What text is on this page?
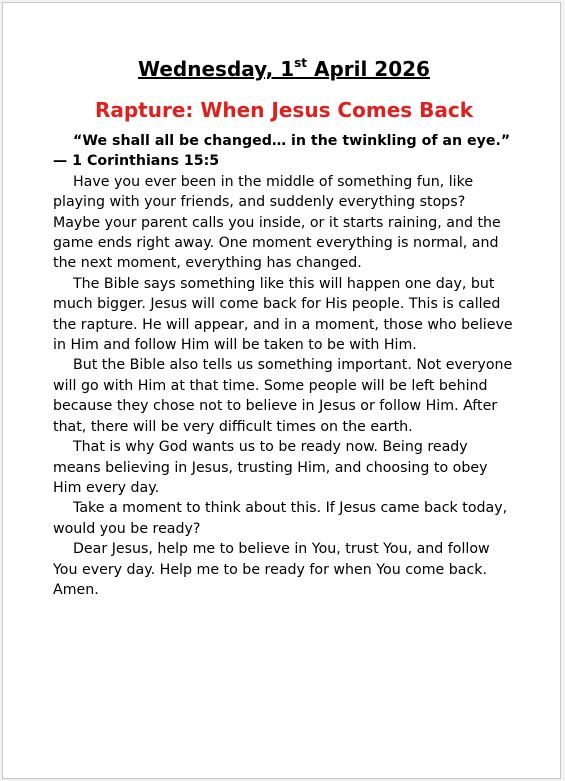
Wednesday, 1st April 2026
Rapture: When Jesus Comes Back

“We shall all be changed… in the twinkling of an eye.” — 1 Corinthians 15:5

Have you ever been in the middle of something fun, like playing with your friends, and suddenly everything stops? Maybe your parent calls you inside, or it starts raining, and the game ends right away. One moment everything is normal, and the next moment, everything has changed.

The Bible says something like this will happen one day, but much bigger. Jesus will come back for His people. This is called the rapture. He will appear, and in a moment, those who believe in Him and follow Him will be taken to be with Him.

But the Bible also tells us something important. Not everyone will go with Him at that time. Some people will be left behind because they chose not to believe in Jesus or follow Him. After that, there will be very difficult times on the earth.

That is why God wants us to be ready now. Being ready means believing in Jesus, trusting Him, and choosing to obey Him every day.

Take a moment to think about this. If Jesus came back today, would you be ready?

Dear Jesus, help me to believe in You, trust You, and follow You every day. Help me to be ready for when You come back. Amen.
